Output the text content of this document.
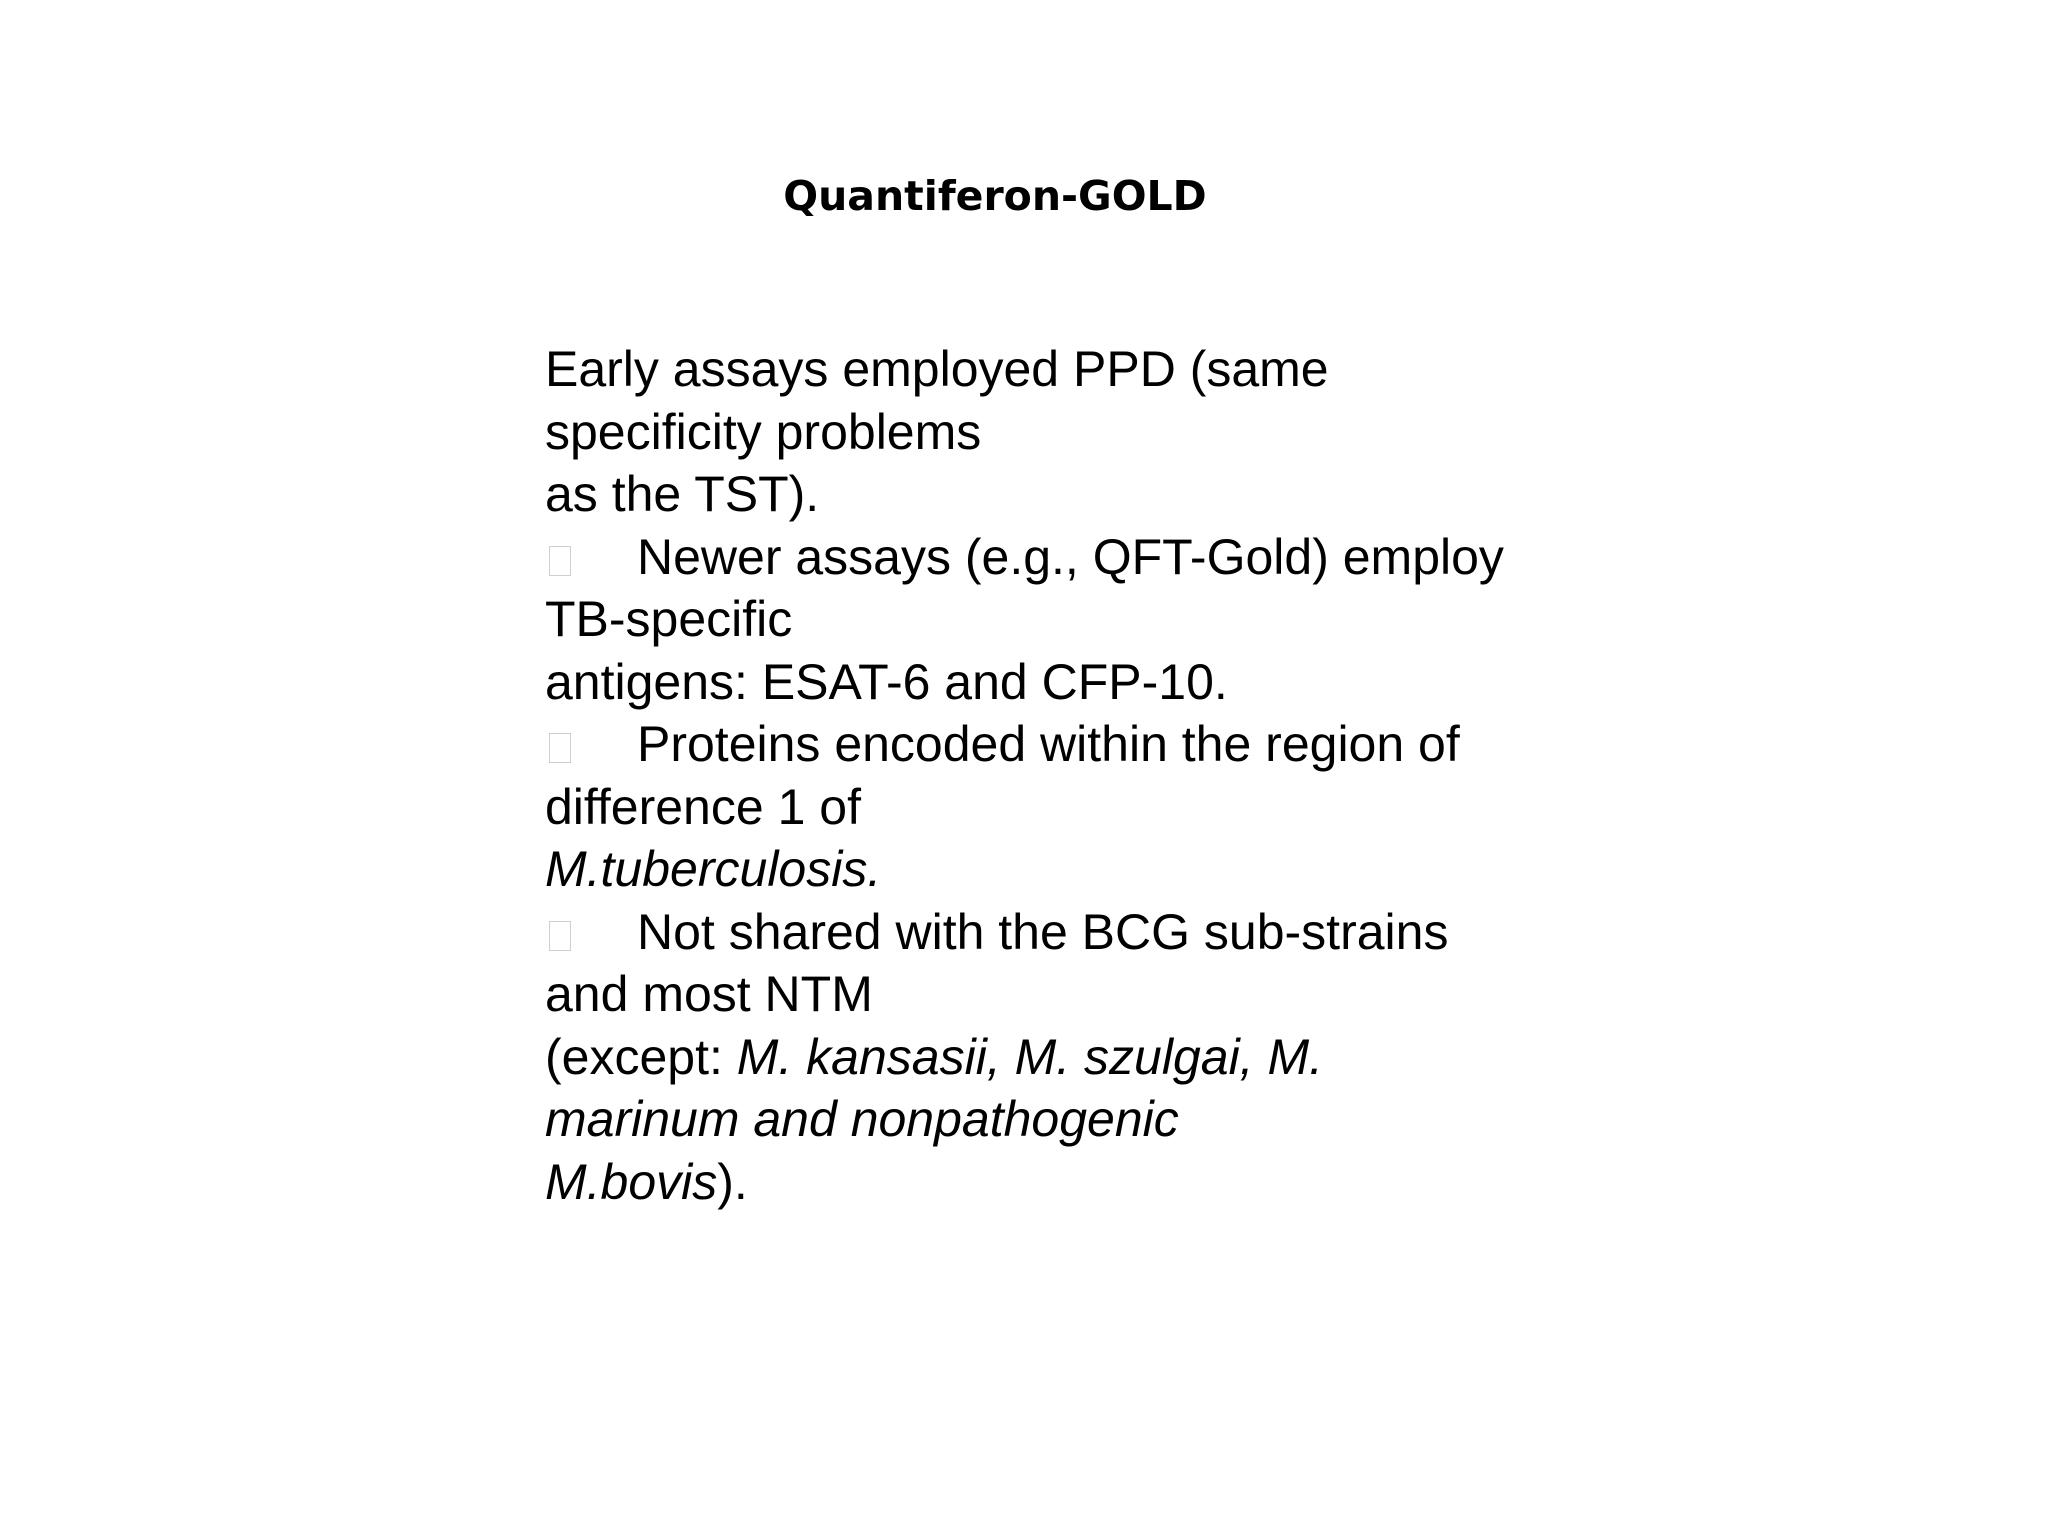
Quantiferon-GOLD
Early assays employed PPD (same
specificity problems
as the TST).
Newer assays (e.g., QFT-Gold) employ
TB-specific
antigens: ESAT-6 and CFP-10.
Proteins encoded within the region of
difference 1 of
M.tuberculosis.
Not shared with the BCG sub-strains
and most NTM
(except: M. kansasii, M. szulgai, M.
marinum and nonpathogenic
M.bovis).
